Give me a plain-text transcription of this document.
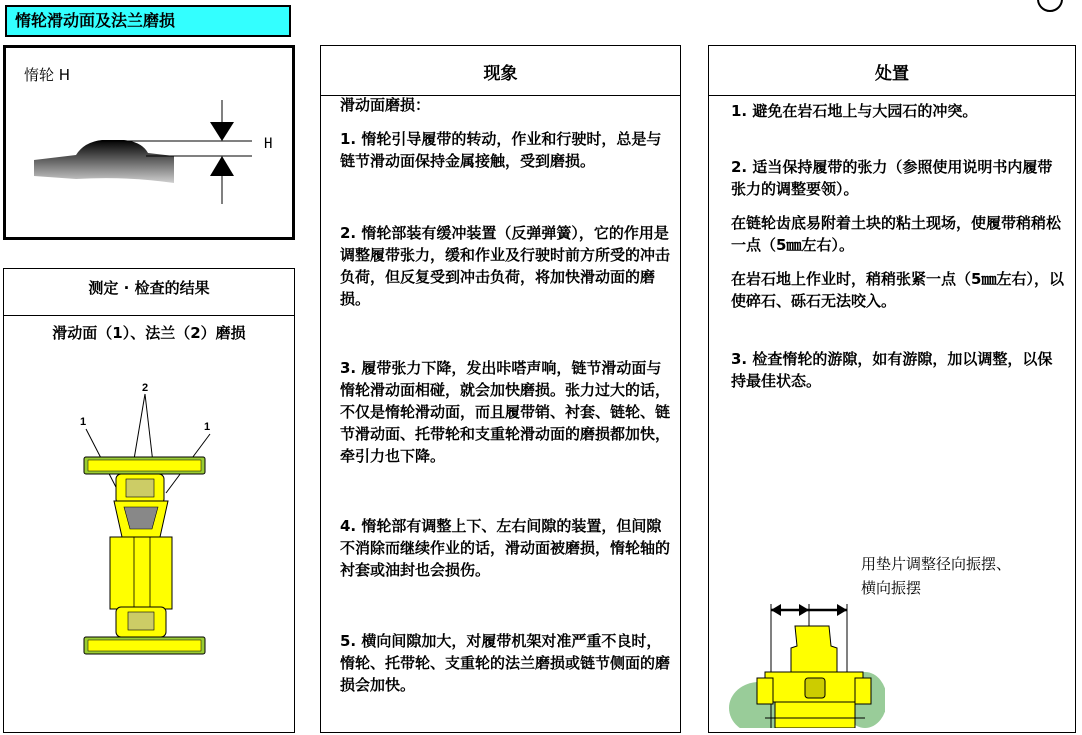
惰轮滑动面及法兰磨损
惰轮 H
H
测定 · 检查的结果
滑动面（1）、法兰（2）磨损
2
1	1
现象

滑动面磨损：

1. 惰轮引导履带的转动，作业和行驶时，总是与链节滑动面保持金属接触，受到磨损。

2. 惰轮部装有缓冲装置（反弹弹簧），它的作用是调整履带张力，缓和作业及行驶时前方所受的冲击负荷，但反复受到冲击负荷，将加快滑动面的磨损。

3. 履带张力下降，发出咔嗒声响，链节滑动面与惰轮滑动面相碰，就会加快磨损。张力过大的话，不仅是惰轮滑动面，而且履带销、衬套、链轮、链节滑动面、托带轮和支重轮滑动面的磨损都加快，牵引力也下降。

4. 惰轮部有调整上下、左右间隙的装置，但间隙不消除而继续作业的话，滑动面被磨损，惰轮轴的衬套或油封也会损伤。

5. 横向间隙加大，对履带机架对准严重不良时，惰轮、托带轮、支重轮的法兰磨损或链节侧面的磨损会加快。

处置

1. 避免在岩石地上与大园石的冲突。

2. 适当保持履带的张力（参照使用说明书内履带张力的调整要领）。

在链轮齿底易附着土块的粘土现场，使履带稍稍松一点（5㎜左右）。

在岩石地上作业时，稍稍张紧一点（5㎜左右），以使碎石、砾石无法咬入。

3. 检查惰轮的游隙，如有游隙，加以调整，以保持最佳状态。

用垫片调整径向振摆、横向振摆
